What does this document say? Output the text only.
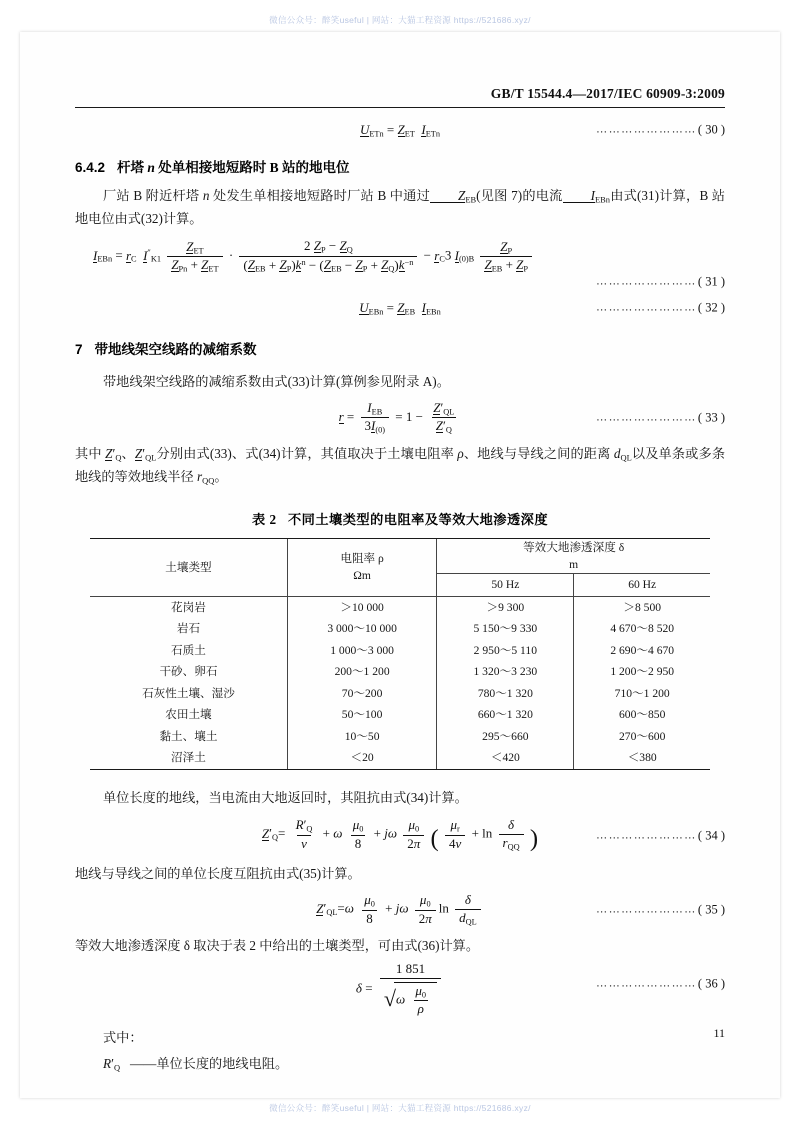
微信公众号：醉笑useful | 网站：大猫工程资源 https://521686.xyz/
GB/T 15544.4—2017/IEC 60909-3:2009
$U_{ETn} = Z_{ET}$ $I_{ETn}$	……………………( 30 )
6.4.2 杆塔 n 处单相接地短路时 B 站的地电位

厂站 B 附近杆塔 n 处发生单相接地短路时厂站 B 中通过 $Z_{EB}$(见图 7)的电流 $I_{EBn}$由式(31)计算，B 站地电位由式(32)计算。

$I_{EBn} = r_C$ $I''_{K1} \frac{Z_{ET}}{Z_{Pn} + Z_{ET}} \cdot \frac{2 Z_P - Z_Q}{(Z_{EB} + Z_P)k^n - (Z_{EB} - Z_P + Z_Q)k^{-n}} - r_C3$ $I_{(0)B} \frac{Z_P}{Z_{EB} + Z_P}$
……………………( 31 )
$U_{EBn} = Z_{EB}$ $I_{EBn}$	……………………( 32 )
7 带地线架空线路的减缩系数

带地线架空线路的减缩系数由式(33)计算(算例参见附录 A)。

$r = \frac{I_{EB}}{3I_{(0)}} = 1 - \frac{Z'_{QL}}{Z'_Q}$	……………………( 33 )

其中 $Z'_Q$、$Z'_{QL}$分别由式(33)、式(34)计算，其值取决于土壤电阻率 ρ、地线与导线之间的距离 $d_{QL}$以及单条或多条地线的等效地线半径 $r_{QQ}$。

表 2 不同土壤类型的电阻率及等效大地渗透深度
土壤类型	
电阻率 ρ
Ωm

等效大地渗透深度 δ
m

		50 Hz	60 Hz
花岗岩	＞10 000	＞9 300	＞8 500
岩石	3 000～10 000	5 150～9 330	4 670～8 520
石质土	1 000～3 000	2 950～5 110	2 690～4 670
干砂、卵石	200～1 200	1 320～3 230	1 200～2 950
石灰性土壤、湿沙	70～200	780～1 320	710～1 200
农田土壤	50～100	660～1 320	600～850
黏土、壤土	10～50	295～660	270～600
沼泽土	＜20	＜420	＜380

单位长度的地线，当电流由大地返回时，其阻抗由式(34)计算。

$Z'_Q= \frac{R'_Q}{v} + \omega \frac{\mu_0}{8} + j\omega \frac{\mu_0}{2\pi}$ ( $\frac{\mu_r}{4v} + \ln \frac{\delta}{r_{QQ}}$ )	……………………( 34 )

地线与导线之间的单位长度互阻抗由式(35)计算。

$Z'_{QL}=\omega \frac{\mu_0}{8} + j\omega \frac{\mu_0}{2\pi}$ $\ln \frac{\delta}{d_{QL}}$	……………………( 35 )

等效大地渗透深度 δ 取决于表 2 中给出的土壤类型，可由式(36)计算。

$\delta = \frac{1 851}{√ \omega \frac{\mu_0}{\rho}}$	……………………( 36 )

式中：

$R'_Q$ ——单位长度的地线电阻。

11
微信公众号：醉笑useful | 网站：大猫工程资源 https://521686.xyz/
